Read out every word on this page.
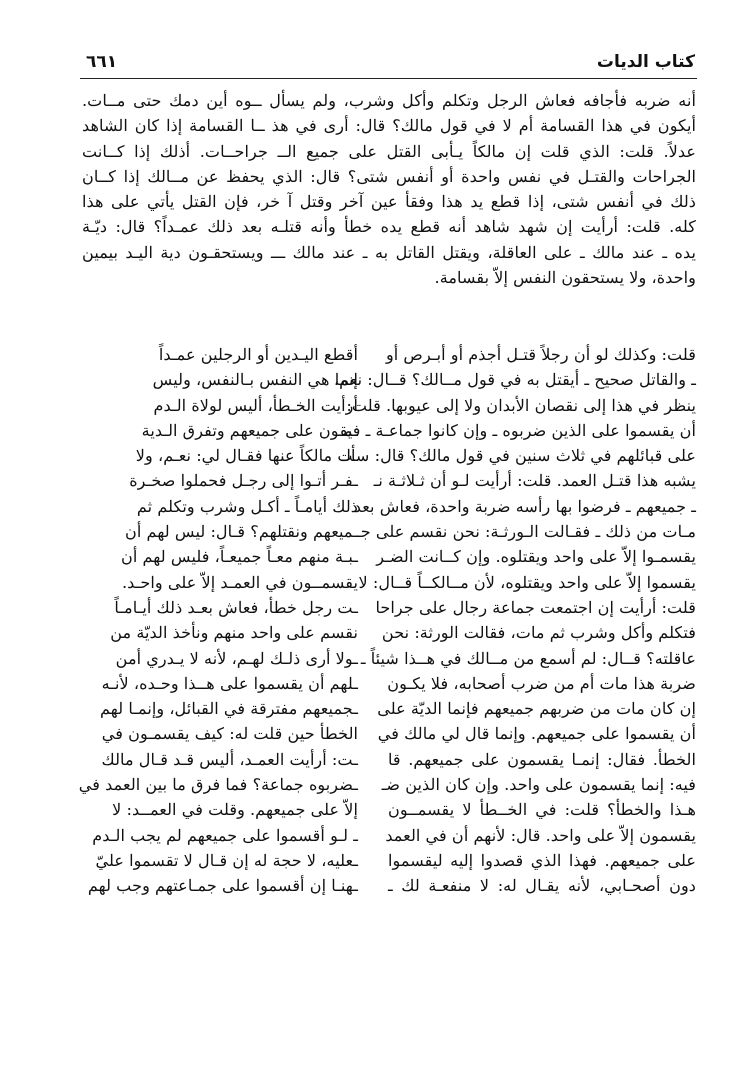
كتاب الديات
٦٦١
أنه ضربه فأجافه فعاش الرجل وتكلم وأكل وشرب، ولم يسأل ــوه أين دمك حتى مــات.
أيكون في هذا القسامة أم لا في قول مالك؟ قال: أرى في هذ ــا القسامة إذا كان الشاهد
عدلاً. قلت: الذي قلت إن مالكاً يـأبى القتل على جميع الــ جراحــات. أذلك إذا كــانت
الجراحات والقتـل في نفس واحدة أو أنفس شتى؟ قال: الذي يحفظ عن مــالك إذا كــان
ذلك في أنفس شتى، إذا قطع يد هذا وفقأ عين آخر وقتل آ خر، فإن القتل يأتي على هذا
كله. قلت: أرأيت إن شهد شاهد أنه قطع يده خطأ وأنه قتلـه بعد ذلك عمـداً؟ قال: ديّـة
يده ـ عند مالك ـ على العاقلة، ويقتل القاتل به ـ عند مالك ـــ ويستحقـون دية اليـد بيمين
واحدة، ولا يستحقون النفس إلاّ بقسامة.
قلت: وكذلك لو أن رجلاً قتـل أجذم أو أبـرص أو
ـ والقاتل صحيح ـ أيقتل به في قول مــالك؟ قــال: نعم،
ينظر في هذا إلى نقصان الأبدان ولا إلى عيوبها. قلت:
أن يقسموا على الذين ضربوه ـ وإن كانوا جماعـة ـ فيقـ
على قبائلهم في ثلاث سنين في قول مالك؟ قال: سألـ
يشبه هذا قتـل العمد. قلت: أرأيت لـو أن ثـلاثـة نـ
ـ جميعهم ـ فرضوا بها رأسه ضربة واحدة، فعاش بعد
مـات من ذلك ـ فقـالت الـورثـة: نحن نقسم على جـ
يقسمـوا إلاّ على واحد ويقتلوه. وإن كــانت الضـر
يقسموا إلاّ على واحد ويقتلوه، لأن مــالكــاً قــال: لا
قلت: أرأيت إن اجتمعت جماعة رجال على جراحا
فتكلم وأكل وشرب ثم مات، فقالت الورثة: نحن
عاقلته؟ قــال: لم أسمع من مــالك في هــذا شيئاً ـ
ضربة هذا مات أم من ضرب أصحابه، فلا يكـون
إن كان مات من ضربهم جميعهم فإنما الديّة على
أن يقسموا على جميعهم. وإنما قال لي مالك في
الخطأ. فقال: إنمـا يقسمون على جميعهم. قا
فيه: إنما يقسمون على واحد. وإن كان الذين ضـ
هـذا والخطأ؟ قلت: في الخــطأ لا يقسمــون
يقسمون إلاّ على واحد. قال: لأنهم أن في العمد
على جميعهم. فهذا الذي قصدوا إليه ليقسموا
دون أصحـابي، لأنه يقـال له: لا منفعـة لك ـ
أقطع اليـدين أو الرجلين عمـداً
إنما هي النفس بـالنفس، وليس
أرأيت الخـطأ، أليس لولاة الـدم
ـمـون على جميعهم وتفرق الـدية
ـت مالكاً عنها فقـال لي: نعـم، ولا
ـفـر أتـوا إلى رجـل فحملوا صخـرة
ذلك أيامـاً ـ أكـل وشرب وتكلم ثم
ـميعهم ونقتلهم؟ قـال: ليس لهم أن
ـبـة منهم معـاً جميعـاً، فليس لهم أن
يقسمــون في العمـد إلاّ على واحـد.
ـت رجل خطأ، فعاش بعـد ذلك أيـامـاً
نقسم على واحد منهم ونأخذ الديّة من
ـولا أرى ذلـك لهـم، لأنه لا يـدري أمن
ـلهم أن يقسموا على هــذا وحـده، لأنـه
ـجميعهم مفترقة في القبائل، وإنمـا لهم
الخطأ حين قلت له: كيف يقسمـون في
ـت: أرأيت العمـد، أليس قـد قـال مالك
ـضربوه جماعة؟ فما فرق ما بين العمد في
إلاّ على جميعهم. وقلت في العمــد: لا
ـ لـو أقسموا على جميعهم لم يجب الـدم
ـعليه، لا حجة له إن قـال لا تقسموا عليّ
ـهنـا إن أقسموا على جمـاعتهم وجب لهم
